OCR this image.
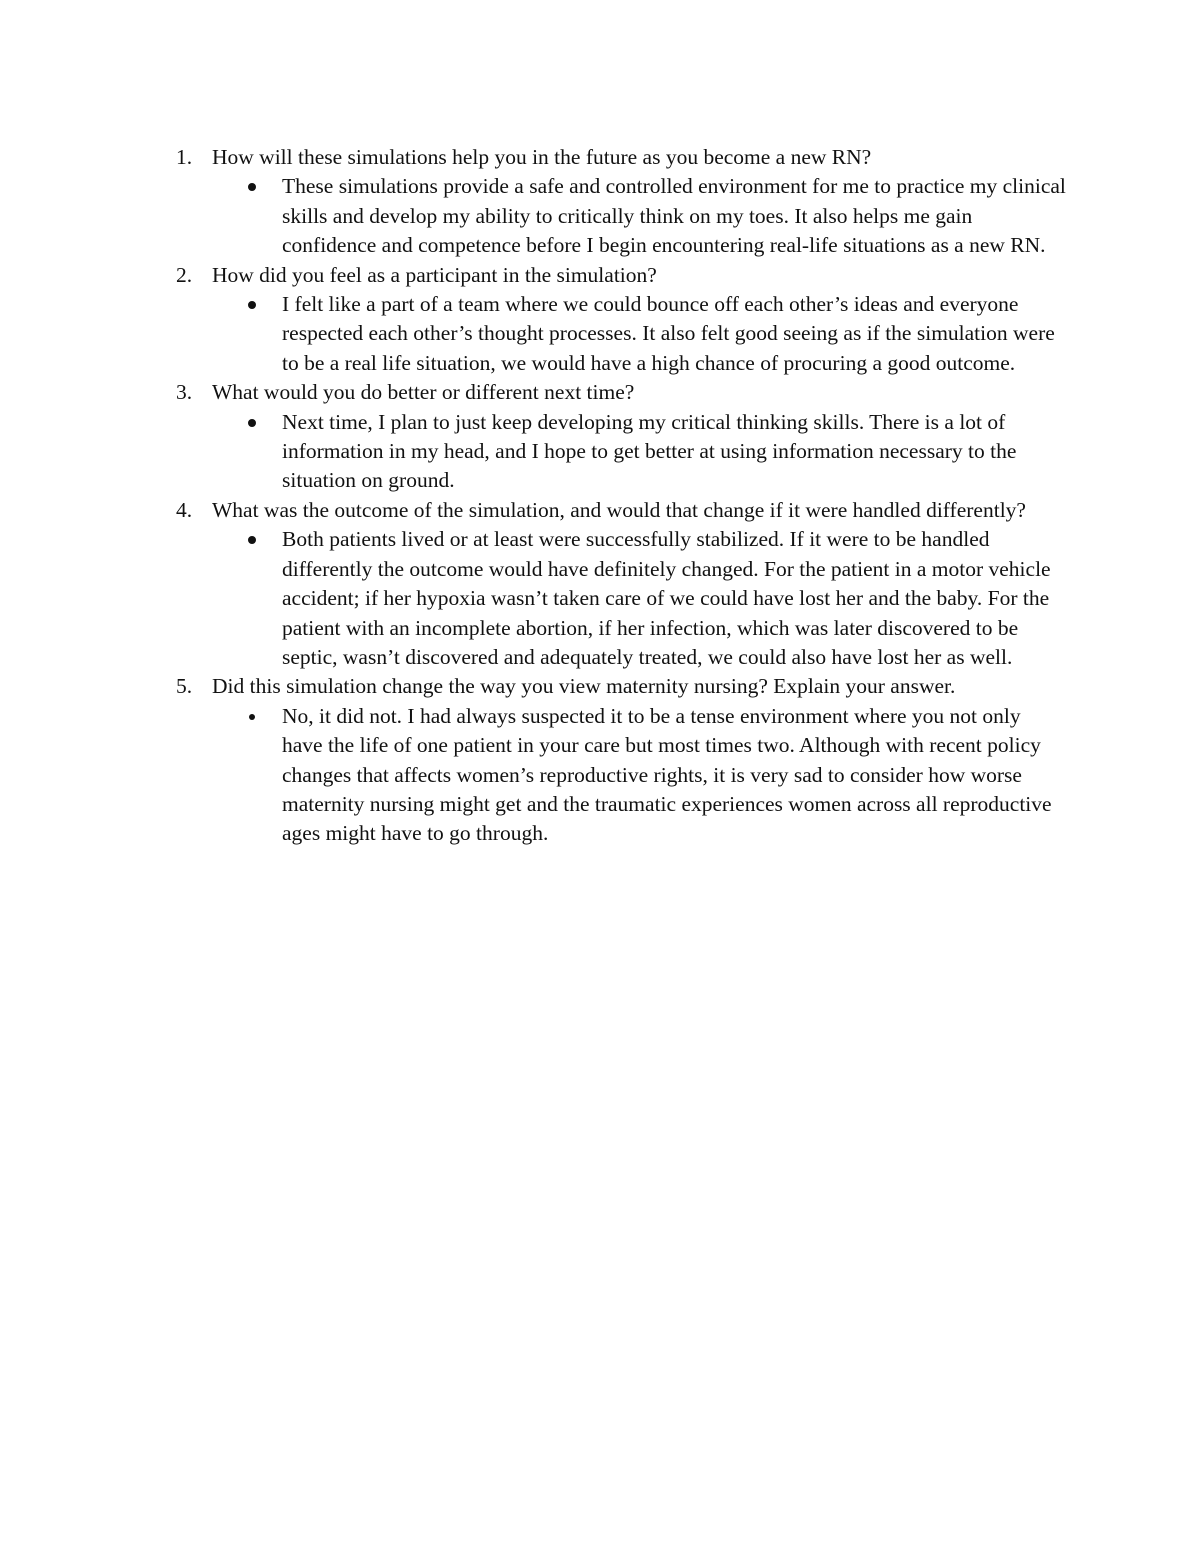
1. How will these simulations help you in the future as you become a new RN?

These simulations provide a safe and controlled environment for me to practice my clinical skills and develop my ability to critically think on my toes. It also helps me gain confidence and competence before I begin encountering real-life situations as a new RN.

2. How did you feel as a participant in the simulation?

I felt like a part of a team where we could bounce off each other’s ideas and everyone respected each other’s thought processes. It also felt good seeing as if the simulation were to be a real life situation, we would have a high chance of procuring a good outcome.

3. What would you do better or different next time?

Next time, I plan to just keep developing my critical thinking skills. There is a lot of information in my head, and I hope to get better at using information necessary to the situation on ground.

4. What was the outcome of the simulation, and would that change if it were handled differently?

Both patients lived or at least were successfully stabilized. If it were to be handled differently the outcome would have definitely changed. For the patient in a motor vehicle accident; if her hypoxia wasn’t taken care of we could have lost her and the baby. For the patient with an incomplete abortion, if her infection, which was later discovered to be septic, wasn’t discovered and adequately treated, we could also have lost her as well.

5. Did this simulation change the way you view maternity nursing? Explain your answer.

No, it did not. I had always suspected it to be a tense environment where you not only have the life of one patient in your care but most times two. Although with recent policy changes that affects women’s reproductive rights, it is very sad to consider how worse maternity nursing might get and the traumatic experiences women across all reproductive ages might have to go through.
